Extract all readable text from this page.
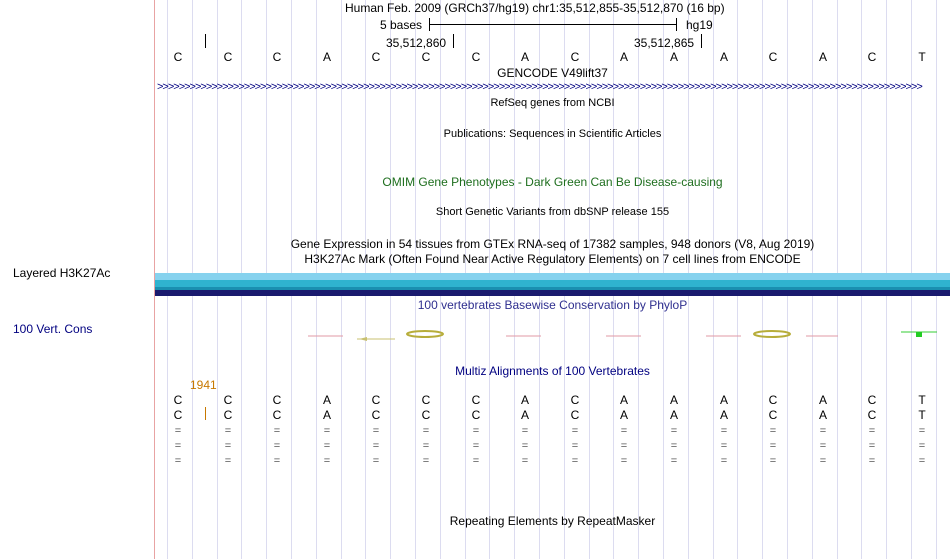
Layered H3K27Ac
100 Vert. Cons
Human Feb. 2009 (GRCh37/hg19) chr1:35,512,855-35,512,870 (16 bp)
5 bases	hg19
35,512,860	35,512,865
C	C	C	A	C	C	C	A	C	A	A	A	C	A	C	T
GENCODE V49lift37
>>>>>>>>>>>>>>>>>>>>>>>>>>>>>>>>>>>>>>>>>>>>>>>>>>>>>>>>>>>>>>>>>>>>>>>>>>>>>>>>>>>>>>>>>>>>>>>>>>>>>>>>>>>>>>>>>>>>>>>>>>>>>>>>>>>>>>>>>>>>>
RefSeq genes from NCBI
Publications: Sequences in Scientific Articles
OMIM Gene Phenotypes - Dark Green Can Be Disease-causing
Short Genetic Variants from dbSNP release 155
Gene Expression in 54 tissues from GTEx RNA-seq of 17382 samples, 948 donors (V8, Aug 2019)
H3K27Ac Mark (Often Found Near Active Regulatory Elements) on 7 cell lines from ENCODE
100 vertebrates Basewise Conservation by PhyloP
Multiz Alignments of 100 Vertebrates
1941
C	C	C	A	C	C	C	A	C	A	A	A	C	A	C	T
C	C	C	A	C	C	C	A	C	A	A	A	C	A	C	T
=	=	=	=	=	=	=	=	=	=	=	=	=	=	=	=
=	=	=	=	=	=	=	=	=	=	=	=	=	=	=	=
=	=	=	=	=	=	=	=	=	=	=	=	=	=	=	=
Repeating Elements by RepeatMasker
